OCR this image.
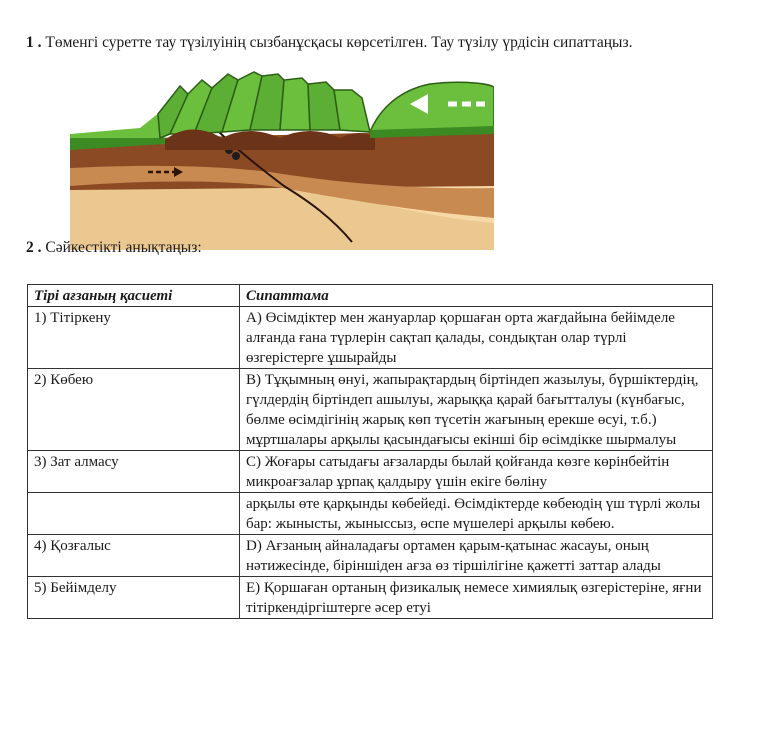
1 . Төменгі суретте тау түзілуінің сызбанұсқасы көрсетілген. Тау түзілу үрдісін сипаттаңыз.
2 . Сәйкестікті анықтаңыз:
Тірі ағзаның қасиеті	Сипаттама
1) Тітіркену	А) Өсімдіктер мен жануарлар қоршаған орта жағдайына бейімделе алғанда ғана түрлерін сақтап қалады, сондықтан олар түрлі өзгерістерге ұшырайды
2) Көбею	В) Тұқымның өнуі, жапырақтардың біртіндеп жазылуы, бүршіктердің, гүлдердің біртіндеп ашылуы, жарыққа қарай бағытталуы (күнбағыс, бөлме өсімдігінің жарық көп түсетін жағының ерекше өсуі, т.б.) мұртшалары арқылы қасындағысы екінші бір өсімдікке шырмалуы
3) Зат алмасу	С) Жоғары сатыдағы ағзаларды былай қойғанда көзге көрінбейтін микроағзалар ұрпақ қалдыру үшін екіге бөліну
	арқылы өте қарқынды көбейеді. Өсімдіктерде көбеюдің үш түрлі жолы бар: жынысты, жыныссыз, өспе мүшелері арқылы көбею.
4) Қозғалыс	D) Ағзаның айналадағы ортамен қарым-қатынас жасауы, оның нәтижесінде, біріншіден ағза өз тіршілігіне қажетті заттар алады
5) Бейімделу	Е) Қоршаған ортаның физикалық немесе химиялық өзгерістеріне, яғни тітіркендіргіштерге әсер етуі
